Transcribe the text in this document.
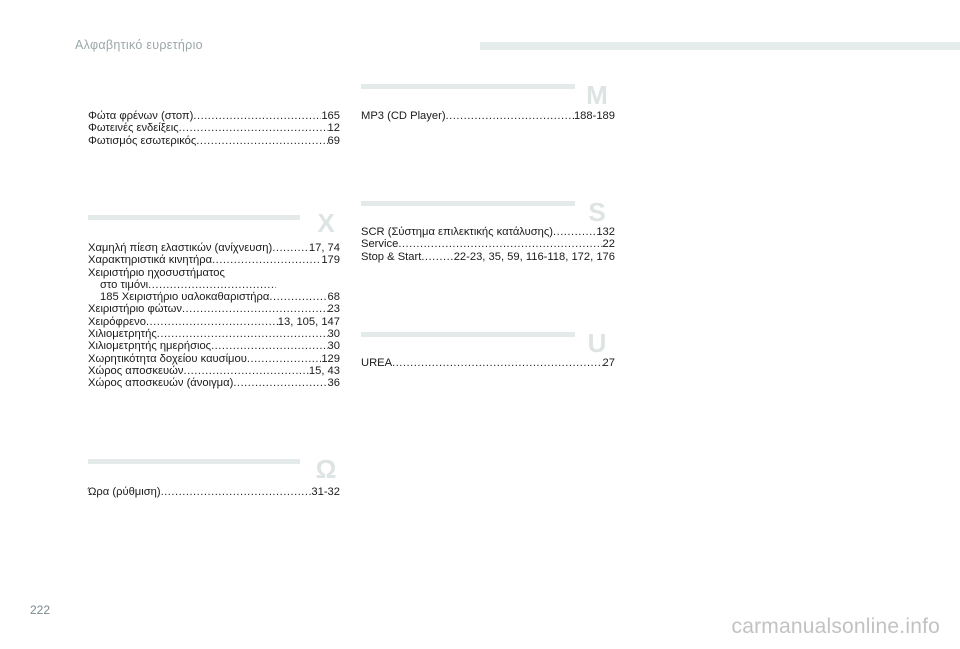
Αλφαβητικό ευρετήριο
Φώτα φρένων (στοπ) .....	165
Φωτεινές ενδείξεις .....	12
Φωτισμός εσωτερικός .....	69
Χ
Χαμηλή πίεση ελαστικών (ανίχνευση) .....	17, 74
Χαρακτηριστικά κινητήρα .....	179
Χειριστήριο ηχοσυστήματος
στο τιμόνι
.....
185 Χειριστήριο υαλοκαθαριστήρα .....	68
Χειριστήριο φώτων .....	23
Χειρόφρενο .....	13, 105, 147
Χιλιομετρητής .....	30
Χιλιομετρητής ημερήσιος .....	30
Χωρητικότητα δοχείου καυσίμου .....	129
Χώρος αποσκευών .....	15, 43
Χώρος αποσκευών (άνοιγμα) .....	36
Ω
Ώρα (ρύθμιση) .....	31-32
M
MP3 (CD Player) .....	188-189
S
SCR (Σύστημα επιλεκτικής κατάλυσης) .....	132
Service .....	22
Stop & Start .....	22-23, 35, 59, 116-118, 172, 176
U
UREA .....	27
222
carmanualsonline.info
